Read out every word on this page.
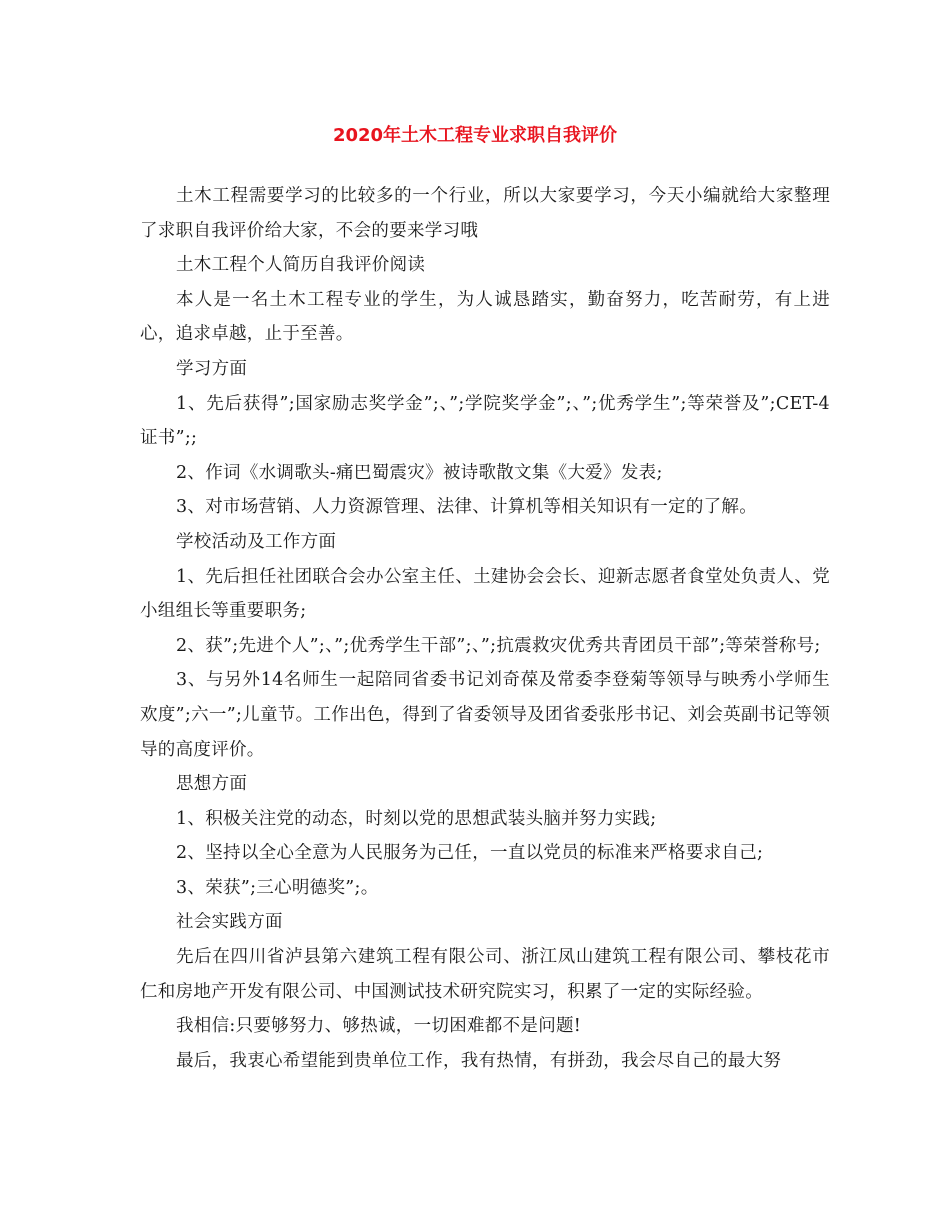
2020年土木工程专业求职自我评价

土木工程需要学习的比较多的一个行业，所以大家要学习，今天小编就给大家整理了求职自我评价给大家，不会的要来学习哦

土木工程个人简历自我评价阅读

本人是一名土木工程专业的学生，为人诚恳踏实，勤奋努力，吃苦耐劳，有上进心，追求卓越，止于至善。

学习方面

1、先后获得”;国家励志奖学金”;、”;学院奖学金”;、”;优秀学生”;等荣誉及”;CET-4证书”;;

2、作词《水调歌头-痛巴蜀震灾》被诗歌散文集《大爱》发表;

3、对市场营销、人力资源管理、法律、计算机等相关知识有一定的了解。

学校活动及工作方面

1、先后担任社团联合会办公室主任、土建协会会长、迎新志愿者食堂处负责人、党小组组长等重要职务;

2、获”;先进个人”;、”;优秀学生干部”;、”;抗震救灾优秀共青团员干部”;等荣誉称号;

3、与另外14名师生一起陪同省委书记刘奇葆及常委李登菊等领导与映秀小学师生欢度”;六一”;儿童节。工作出色，得到了省委领导及团省委张彤书记、刘会英副书记等领导的高度评价。

思想方面

1、积极关注党的动态，时刻以党的思想武装头脑并努力实践;

2、坚持以全心全意为人民服务为己任，一直以党员的标准来严格要求自己;

3、荣获”;三心明德奖”;。

社会实践方面

先后在四川省泸县第六建筑工程有限公司、浙江凤山建筑工程有限公司、攀枝花市仁和房地产开发有限公司、中国测试技术研究院实习，积累了一定的实际经验。

我相信:只要够努力、够热诚，一切困难都不是问题!

最后，我衷心希望能到贵单位工作，我有热情，有拼劲，我会尽自己的最大努
